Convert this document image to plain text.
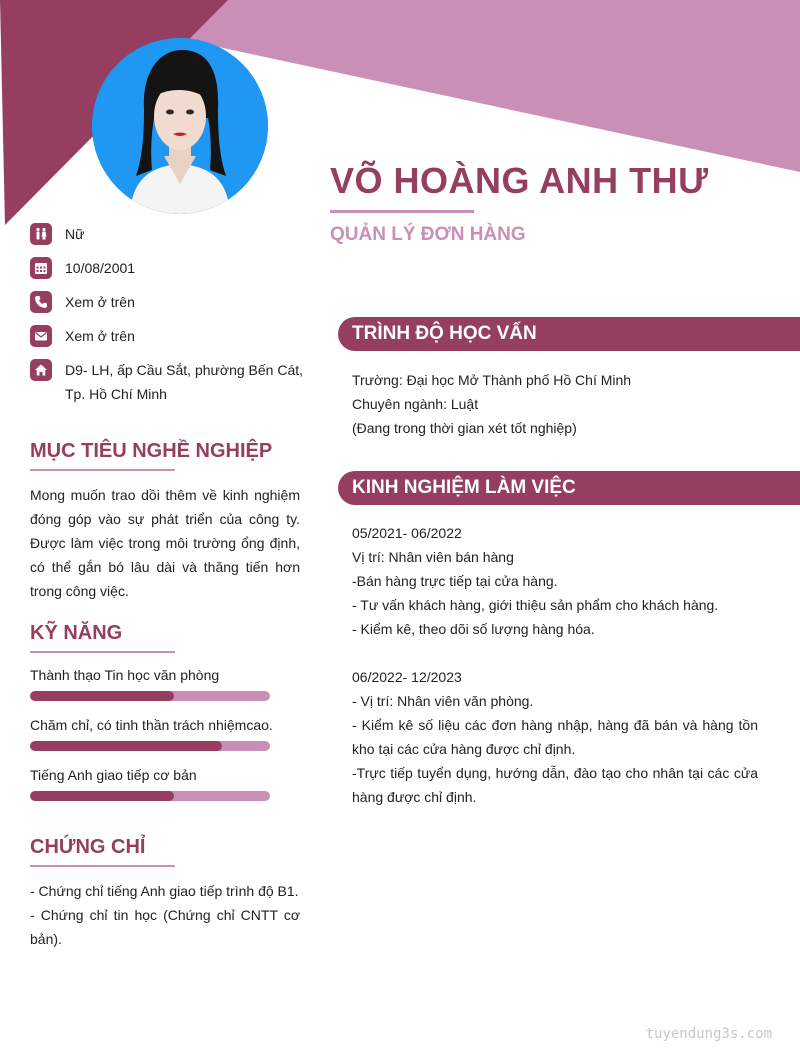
VÕ HOÀNG ANH THƯ
QUẢN LÝ ĐƠN HÀNG
Nữ
10/08/2001
Xem ở trên
Xem ở trên
D9- LH, ấp Cầu Sắt, phường Bến Cát, Tp. Hồ Chí Minh
MỤC TIÊU NGHỀ NGHIỆP

Mong muốn trao dồi thêm về kinh nghiệm đóng góp vào sự phát triển của công ty. Được làm việc trong môi trường ổng định, có thể gắn bó lâu dài và thăng tiến hơn trong công việc.

KỸ NĂNG
Thành thạo Tin học văn phòng
Chăm chỉ, có tinh thần trách nhiệmcao.
Tiếng Anh giao tiếp cơ bản
CHỨNG CHỈ

- Chứng chỉ tiếng Anh giao tiếp trình độ B1.

- Chứng chỉ tin học (Chứng chỉ CNTT cơ bản).

TRÌNH ĐỘ HỌC VẤN

Trường: Đại học Mở Thành phố Hồ Chí Minh

Chuyên ngành: Luật

(Đang trong thời gian xét tốt nghiệp)

KINH NGHIỆM LÀM VIỆC

05/2021- 06/2022

Vị trí: Nhân viên bán hàng

-Bán hàng trực tiếp tại cửa hàng.

- Tư vấn khách hàng, giới thiệu sản phẩm cho khách hàng.

- Kiểm kê, theo dõi số lượng hàng hóa.

06/2022- 12/2023

- Vị trí: Nhân viên văn phòng.

- Kiểm kê số liệu các đơn hàng nhập, hàng đã bán và hàng tồn kho tại các cửa hàng được chỉ định.

-Trực tiếp tuyển dụng, hướng dẫn, đào tạo cho nhân tại các cửa hàng được chỉ định.

tuyendung3s.com
